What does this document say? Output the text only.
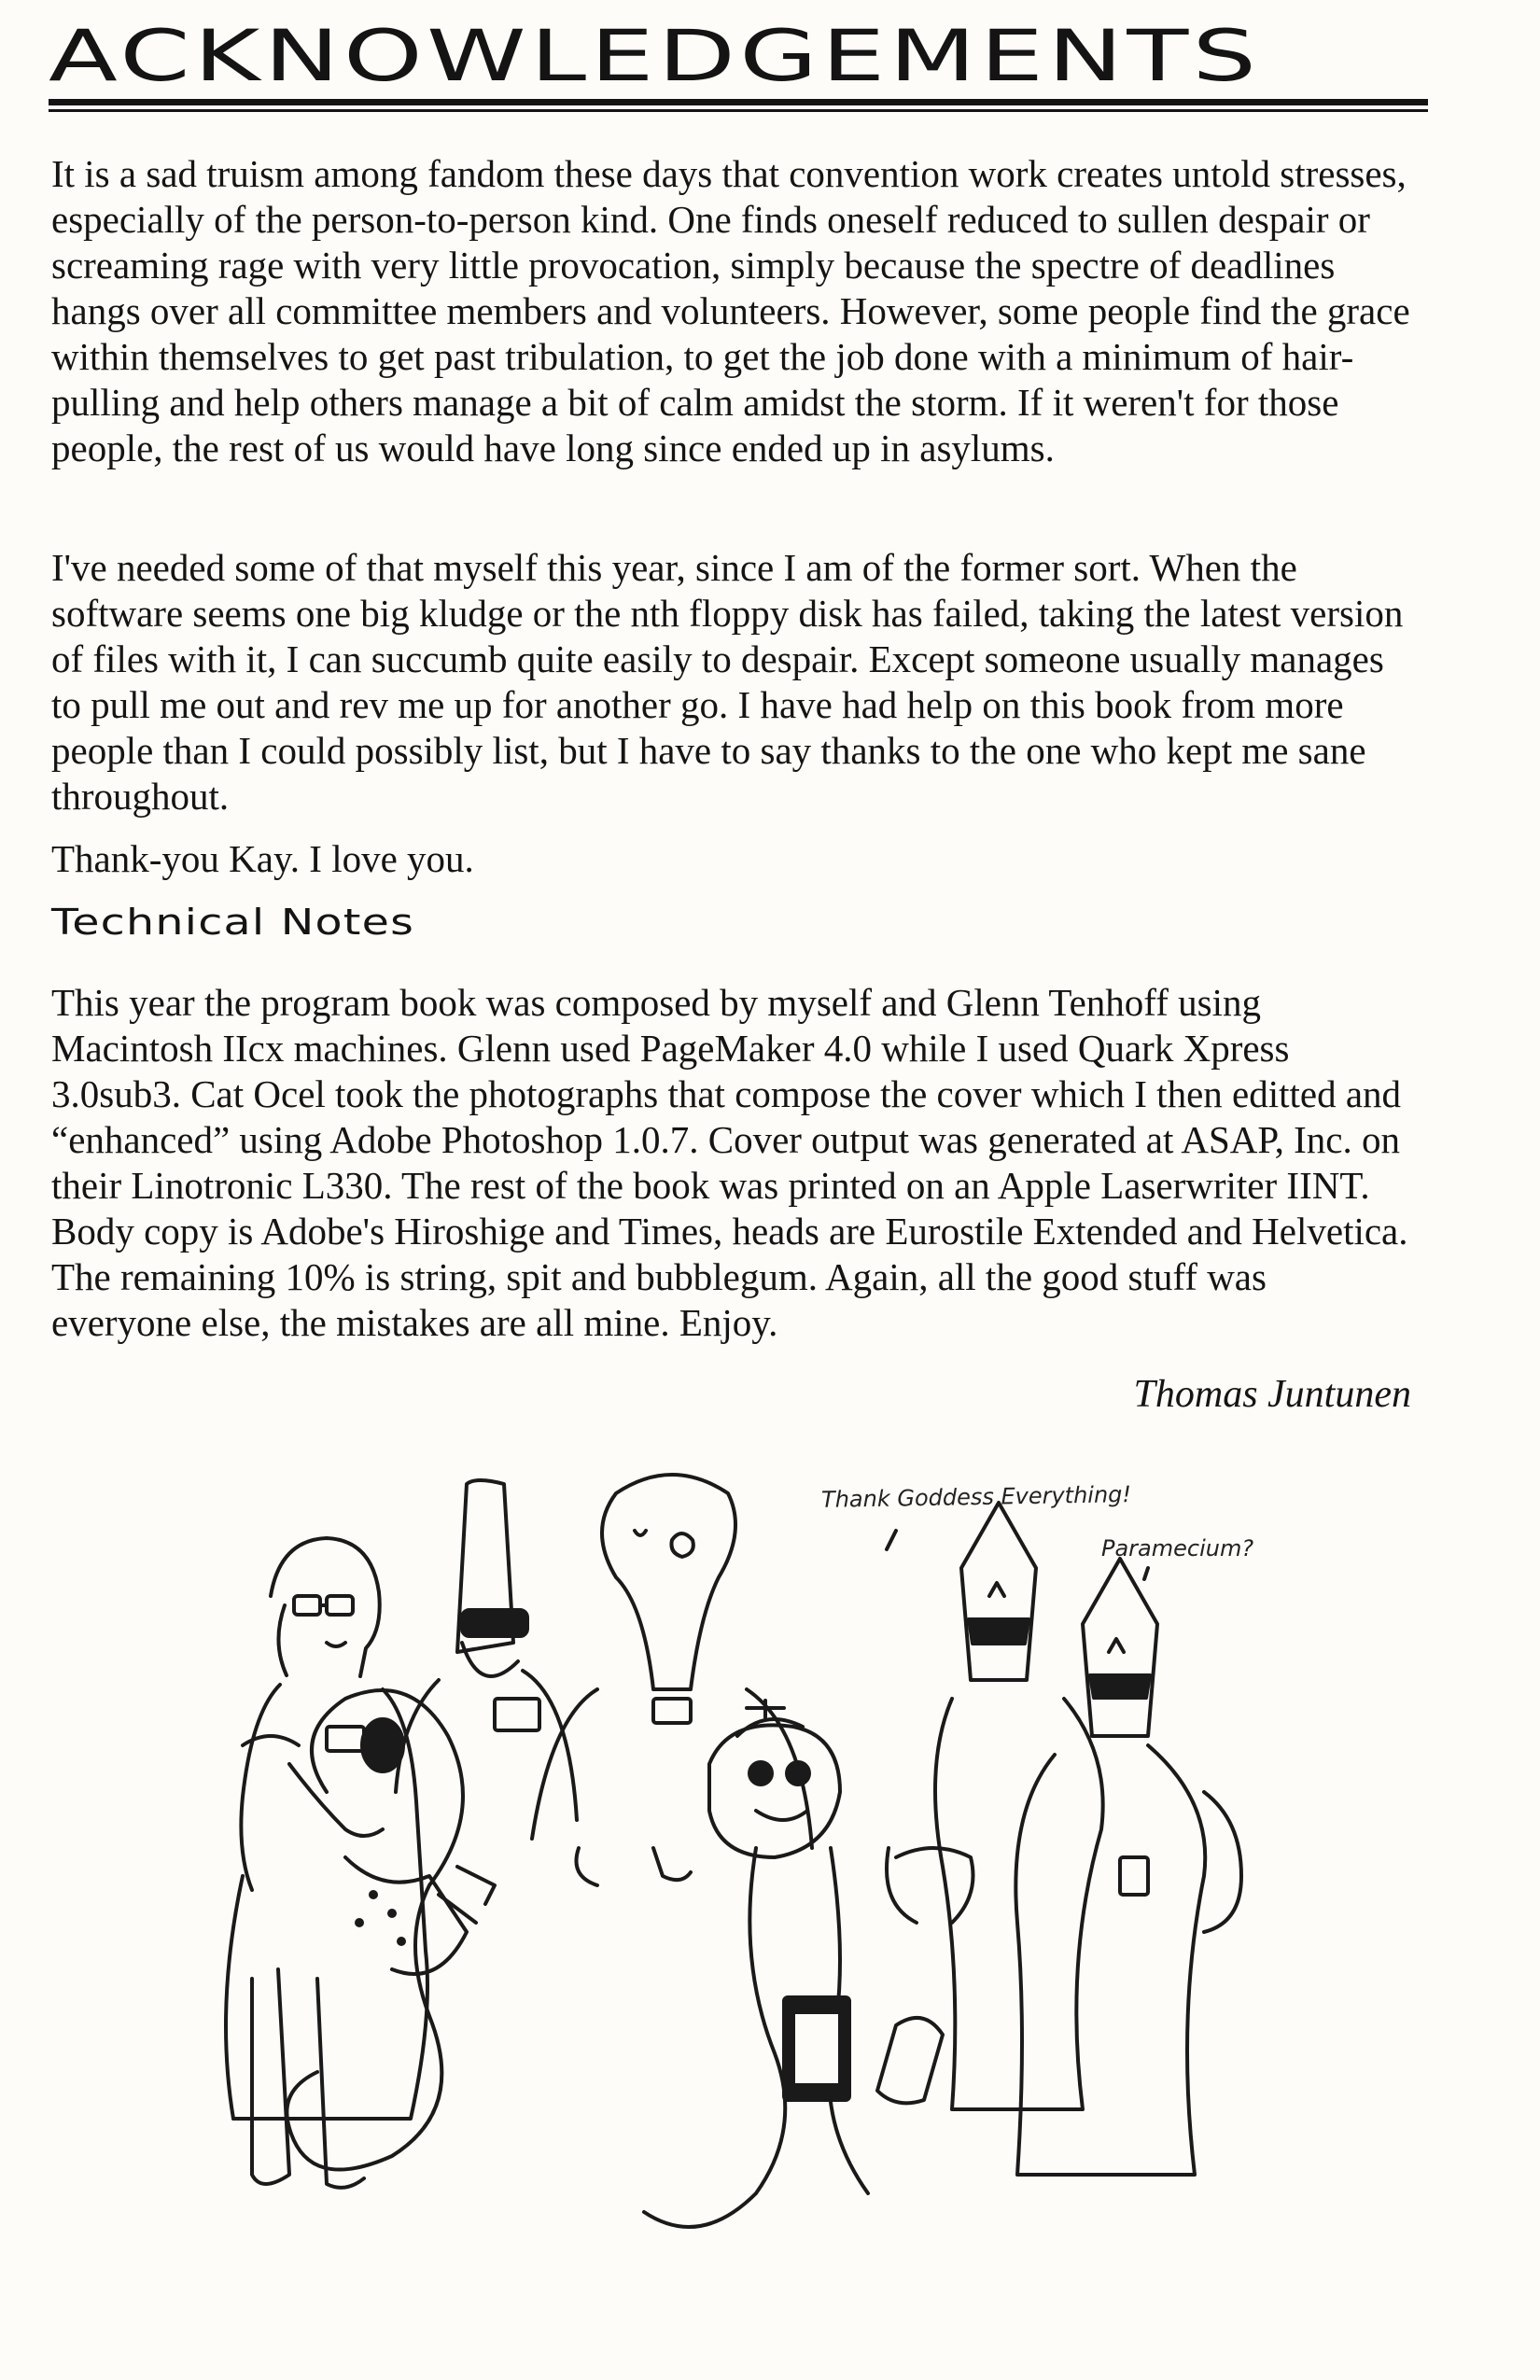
ACKNOWLEDGEMENTS

It is a sad truism among fandom these days that convention work creates untold stresses, especially of the person-to-person kind. One finds oneself reduced to sullen despair or screaming rage with very little provocation, simply because the spectre of deadlines hangs over all committee members and volunteers. However, some people find the grace within themselves to get past tribulation, to get the job done with a minimum of hair-pulling and help others manage a bit of calm amidst the storm. If it weren't for those people, the rest of us would have long since ended up in asylums.

I've needed some of that myself this year, since I am of the former sort. When the software seems one big kludge or the nth floppy disk has failed, taking the latest version of files with it, I can succumb quite easily to despair. Except someone usually manages to pull me out and rev me up for another go. I have had help on this book from more people than I could possibly list, but I have to say thanks to the one who kept me sane throughout.

Thank-you Kay. I love you.

Technical Notes

This year the program book was composed by myself and Glenn Tenhoff using Macintosh IIcx machines. Glenn used PageMaker 4.0 while I used Quark Xpress 3.0sub3. Cat Ocel took the photographs that compose the cover which I then editted and “enhanced” using Adobe Photoshop 1.0.7. Cover output was generated at ASAP, Inc. on their Linotronic L330. The rest of the book was printed on an Apple Laserwriter IINT. Body copy is Adobe's Hiroshige and Times, heads are Eurostile Extended and Helvetica. The remaining 10% is string, spit and bubblegum. Again, all the good stuff was everyone else, the mistakes are all mine. Enjoy.

Thomas Juntunen
Thank Goddess Everything!
Paramecium?
